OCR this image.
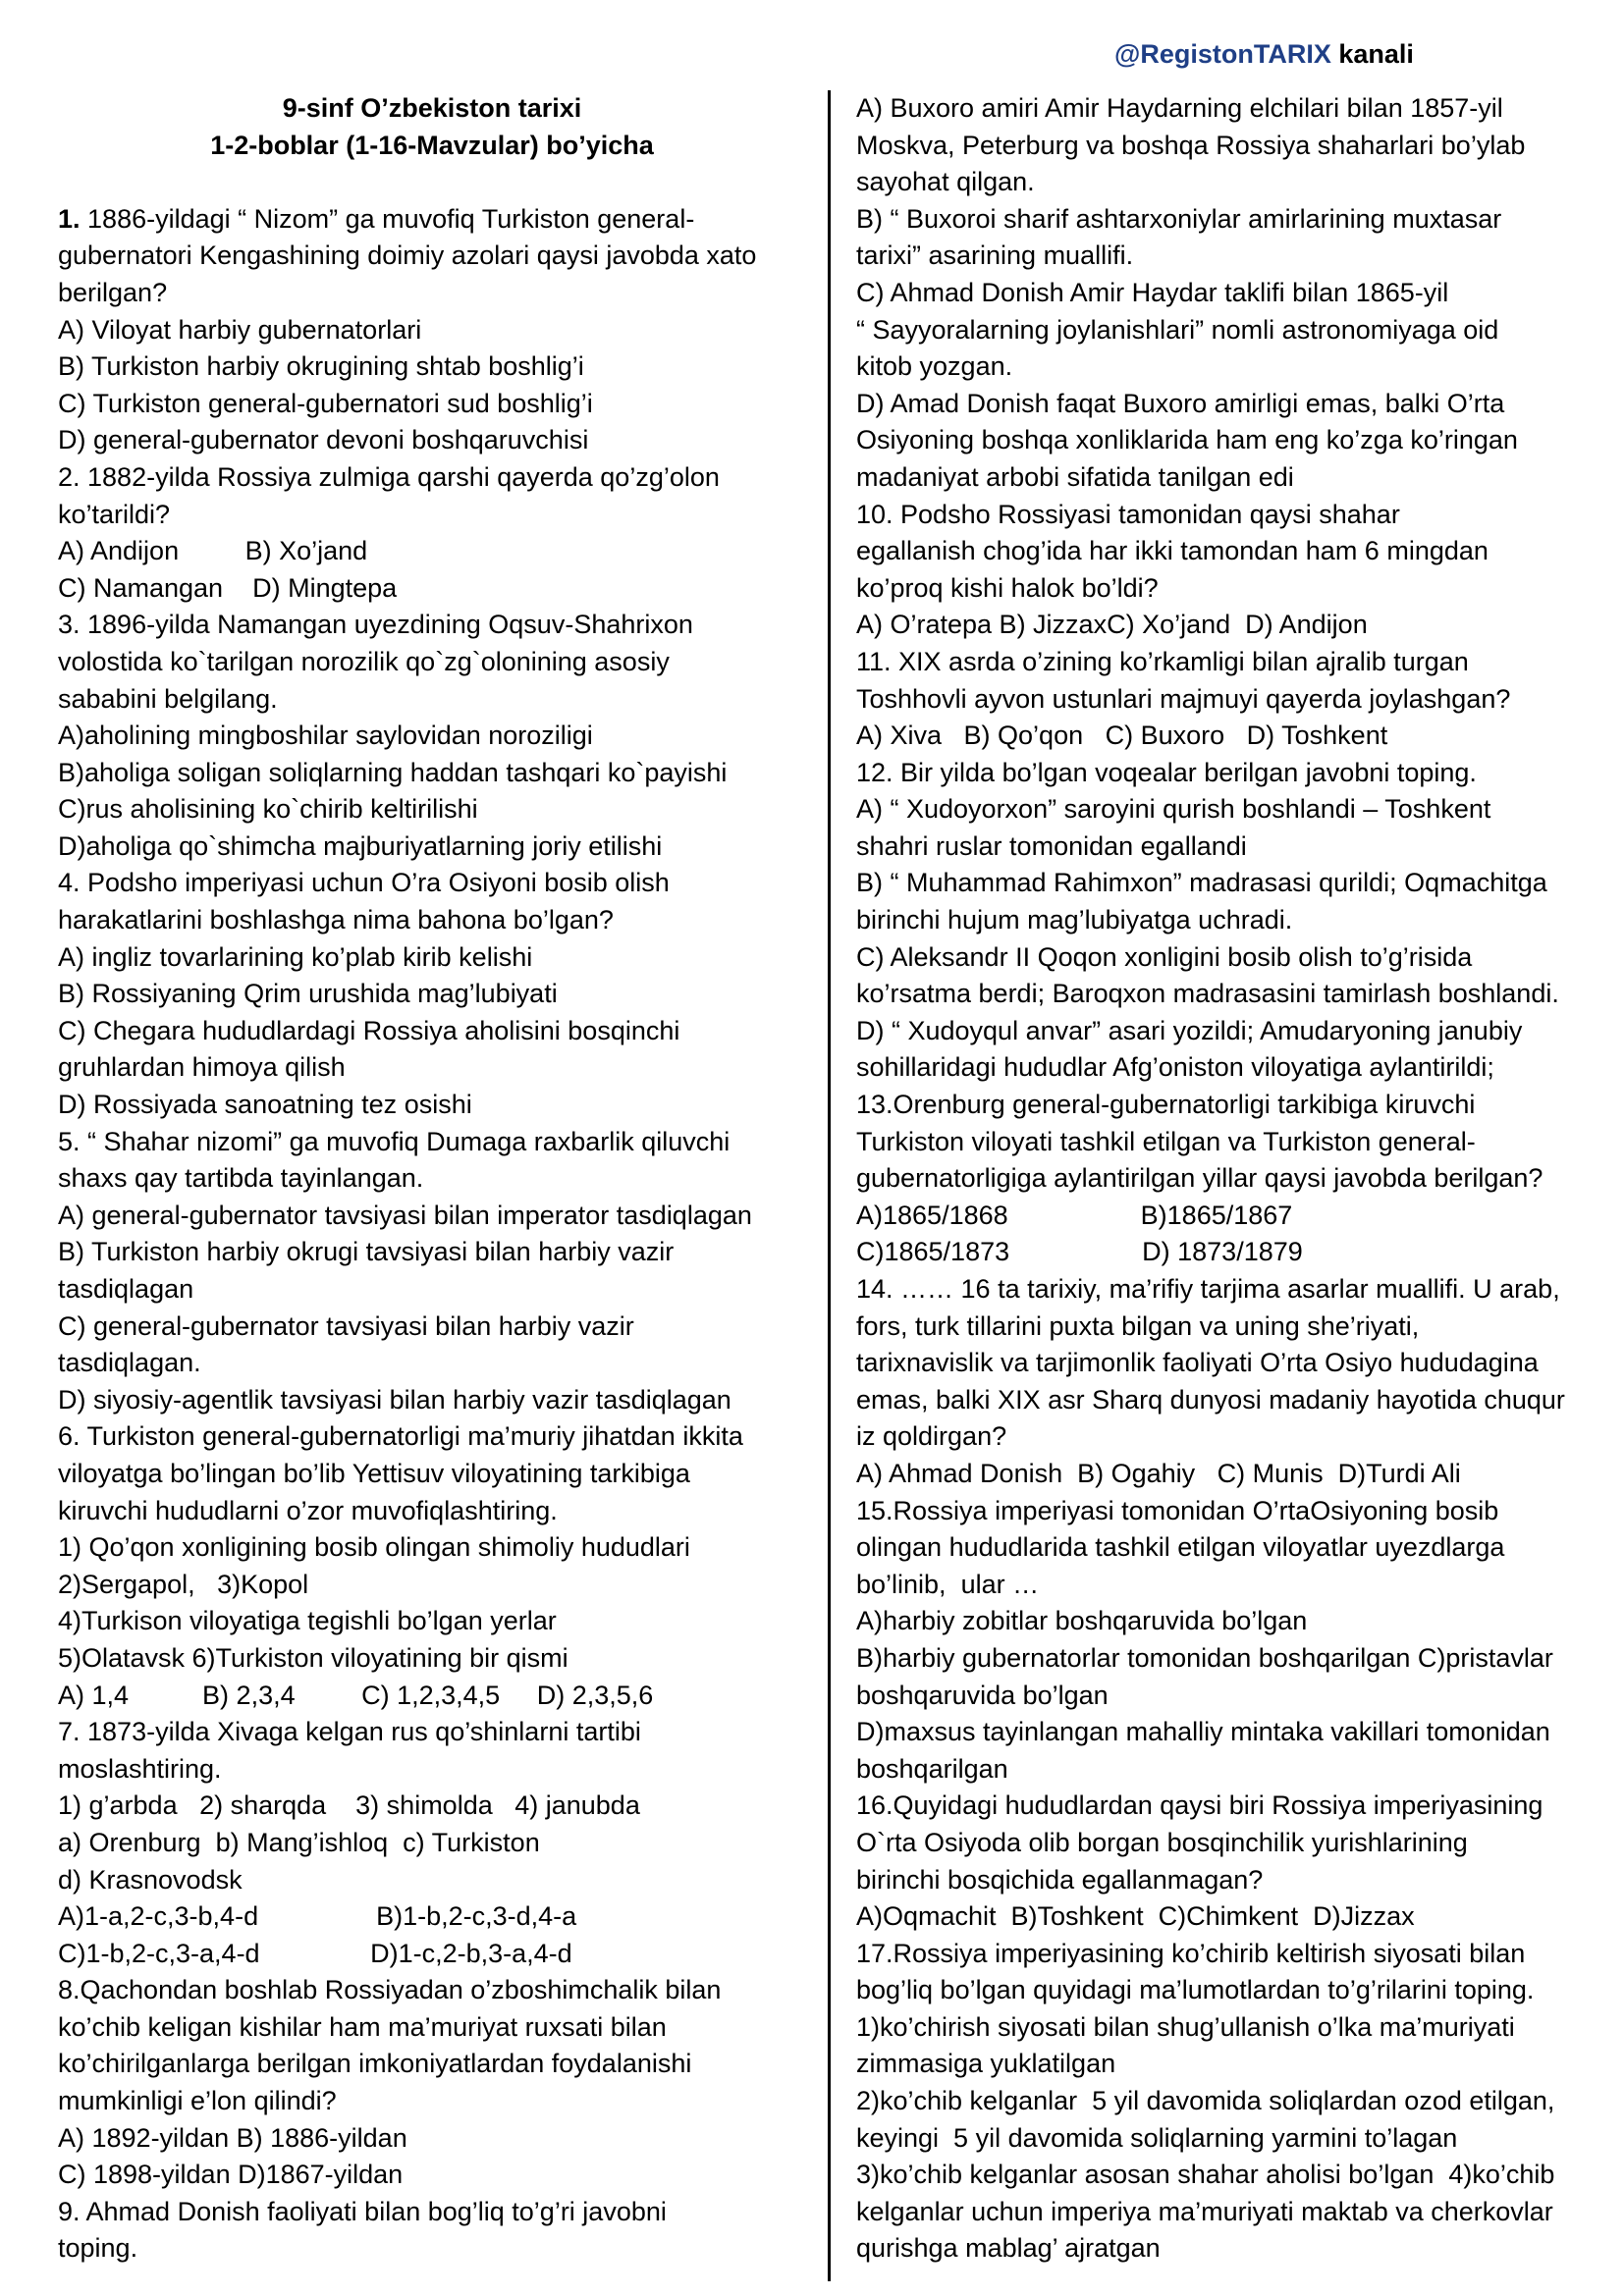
@RegistonTARIX kanali
9-sinf O’zbekiston tarixi
1-2-boblar (1-16-Mavzular) bo’yicha
1. 1886-yildagi “ Nizom” ga muvofiq Turkiston general-
gubernatori Kengashining doimiy azolari qaysi javobda xato
berilgan?
A) Viloyat harbiy gubernatorlari
B) Turkiston harbiy okrugining shtab boshlig’i
C) Turkiston general-gubernatori sud boshlig’i
D) general-gubernator devoni boshqaruvchisi
2. 1882-yilda Rossiya zulmiga qarshi qayerda qo’zg’olon
ko’tarildi?
A) Andijon         B) Xo’jand
C) Namangan    D) Mingtepa
3. 1896-yilda Namangan uyezdining Oqsuv-Shahrixon
volostida ko`tarilgan norozilik qo`zg`olonining asosiy
sababini belgilang.
A)aholining mingboshilar saylovidan noroziligi
B)aholiga soligan soliqlarning haddan tashqari ko`payishi
C)rus aholisining ko`chirib keltirilishi
D)aholiga qo`shimcha majburiyatlarning joriy etilishi
4. Podsho imperiyasi uchun O’ra Osiyoni bosib olish
harakatlarini boshlashga nima bahona bo’lgan?
A) ingliz tovarlarining ko’plab kirib kelishi
B) Rossiyaning Qrim urushida mag’lubiyati
C) Chegara hududlardagi Rossiya aholisini bosqinchi
gruhlardan himoya qilish
D) Rossiyada sanoatning tez osishi
5. “ Shahar nizomi” ga muvofiq Dumaga raxbarlik qiluvchi
shaxs qay tartibda tayinlangan.
A) general-gubernator tavsiyasi bilan imperator tasdiqlagan
B) Turkiston harbiy okrugi tavsiyasi bilan harbiy vazir
tasdiqlagan
C) general-gubernator tavsiyasi bilan harbiy vazir
tasdiqlagan.
D) siyosiy-agentlik tavsiyasi bilan harbiy vazir tasdiqlagan
6. Turkiston general-gubernatorligi ma’muriy jihatdan ikkita
viloyatga bo’lingan bo’lib Yettisuv viloyatining tarkibiga
kiruvchi hududlarni o’zor muvofiqlashtiring.
1) Qo’qon xonligining bosib olingan shimoliy hududlari
2)Sergapol,   3)Kopol
4)Turkison viloyatiga tegishli bo’lgan yerlar
5)Olatavsk 6)Turkiston viloyatining bir qismi
A) 1,4          B) 2,3,4         C) 1,2,3,4,5     D) 2,3,5,6
7. 1873-yilda Xivaga kelgan rus qo’shinlarni tartibi
moslashtiring.
1) g’arbda   2) sharqda    3) shimolda   4) janubda
a) Orenburg  b) Mang’ishloq  c) Turkiston
d) Krasnovodsk
A)1-a,2-c,3-b,4-d                B)1-b,2-c,3-d,4-a
C)1-b,2-c,3-a,4-d               D)1-c,2-b,3-a,4-d
8.Qachondan boshlab Rossiyadan o’zboshimchalik bilan
ko’chib keligan kishilar ham ma’muriyat ruxsati bilan
ko’chirilganlarga berilgan imkoniyatlardan foydalanishi
mumkinligi e’lon qilindi?
A) 1892-yildan B) 1886-yildan
C) 1898-yildan D)1867-yildan
9. Ahmad Donish faoliyati bilan bog’liq to’g’ri javobni
toping.
A) Buxoro amiri Amir Haydarning elchilari bilan 1857-yil
Moskva, Peterburg va boshqa Rossiya shaharlari bo’ylab
sayohat qilgan.
B) “ Buxoroi sharif ashtarxoniylar amirlarining muxtasar
tarixi” asarining muallifi.
C) Ahmad Donish Amir Haydar taklifi bilan 1865-yil
“ Sayyoralarning joylanishlari” nomli astronomiyaga oid
kitob yozgan.
D) Amad Donish faqat Buxoro amirligi emas, balki O’rta
Osiyoning boshqa xonliklarida ham eng ko’zga ko’ringan
madaniyat arbobi sifatida tanilgan edi
10. Podsho Rossiyasi tamonidan qaysi shahar
egallanish chog’ida har ikki tamondan ham 6 mingdan
ko’proq kishi halok bo’ldi?
A) O’ratepa B) JizzaxC) Xo’jand  D) Andijon
11. XIX asrda o’zining ko’rkamligi bilan ajralib turgan
Toshhovli ayvon ustunlari majmuyi qayerda joylashgan?
A) Xiva   B) Qo’qon   C) Buxoro   D) Toshkent
12. Bir yilda bo’lgan voqealar berilgan javobni toping.
A) “ Xudoyorxon” saroyini qurish boshlandi – Toshkent
shahri ruslar tomonidan egallandi
B) “ Muhammad Rahimxon” madrasasi qurildi; Oqmachitga
birinchi hujum mag’lubiyatga uchradi.
C) Aleksandr II Qoqon xonligini bosib olish to’g’risida
ko’rsatma berdi; Baroqxon madrasasini tamirlash boshlandi.
D) “ Xudoyqul anvar” asari yozildi; Amudaryoning janubiy
sohillaridagi hududlar Afg’oniston viloyatiga aylantirildi;
13.Orenburg general-gubernatorligi tarkibiga kiruvchi
Turkiston viloyati tashkil etilgan va Turkiston general-
gubernatorligiga aylantirilgan yillar qaysi javobda berilgan?
A)1865/1868                  B)1865/1867
C)1865/1873                  D) 1873/1879
14. …… 16 ta tarixiy, ma’rifiy tarjima asarlar muallifi. U arab,
fors, turk tillarini puxta bilgan va uning she’riyati,
tarixnavislik va tarjimonlik faoliyati O’rta Osiyo hududagina
emas, balki XIX asr Sharq dunyosi madaniy hayotida chuqur
iz qoldirgan?
A) Ahmad Donish  B) Ogahiy   C) Munis  D)Turdi Ali
15.Rossiya imperiyasi tomonidan O’rtaOsiyoning bosib
olingan hududlarida tashkil etilgan viloyatlar uyezdlarga
bo’linib,  ular …
A)harbiy zobitlar boshqaruvida bo’lgan
B)harbiy gubernatorlar tomonidan boshqarilgan C)pristavlar
boshqaruvida bo’lgan
D)maxsus tayinlangan mahalliy mintaka vakillari tomonidan
boshqarilgan
16.Quyidagi hududlardan qaysi biri Rossiya imperiyasining
O`rta Osiyoda olib borgan bosqinchilik yurishlarining
birinchi bosqichida egallanmagan?
A)Oqmachit  B)Toshkent  C)Chimkent  D)Jizzax
17.Rossiya imperiyasining ko’chirib keltirish siyosati bilan
bog’liq bo’lgan quyidagi ma’lumotlardan to’g’rilarini toping.
1)ko’chirish siyosati bilan shug’ullanish o’lka ma’muriyati
zimmasiga yuklatilgan
2)ko’chib kelganlar  5 yil davomida soliqlardan ozod etilgan,
keyingi  5 yil davomida soliqlarning yarmini to’lagan
3)ko’chib kelganlar asosan shahar aholisi bo’lgan  4)ko’chib
kelganlar uchun imperiya ma’muriyati maktab va cherkovlar
qurishga mablag’ ajratgan
